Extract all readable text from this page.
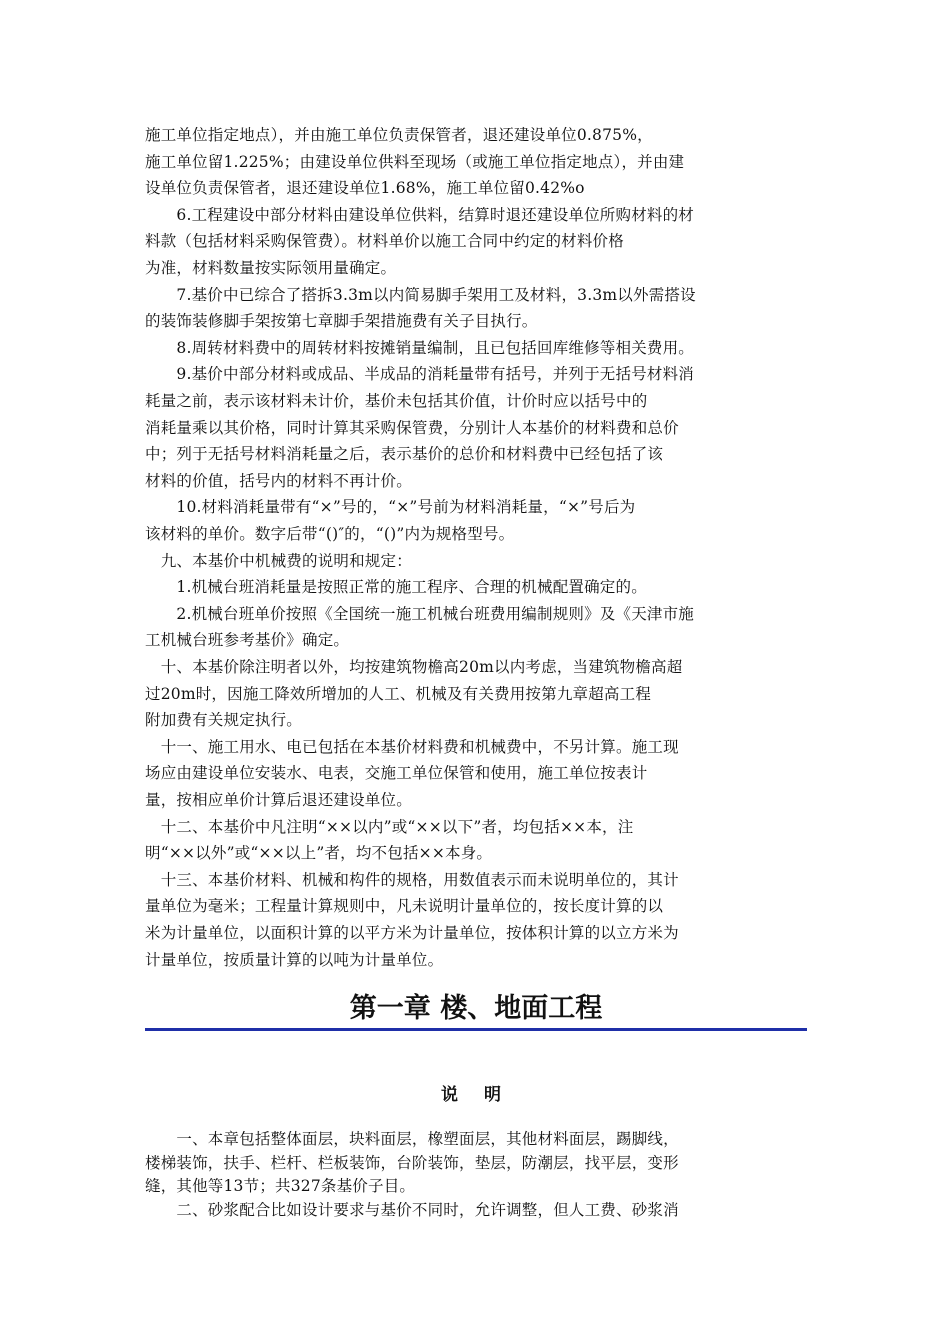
施工单位指定地点），并由施工单位负责保管者，退还建设单位0.875%，
施工单位留1.225%；由建设单位供料至现场（或施工单位指定地点），并由建
设单位负责保管者，退还建设单位1.68%，施工单位留0.42%o
　　6.工程建设中部分材料由建设单位供料，结算时退还建设单位所购材料的材
料款（包括材料采购保管费）。材料单价以施工合同中约定的材料价格
为准，材料数量按实际领用量确定。
　　7.基价中已综合了搭拆3.3m以内简易脚手架用工及材料，3.3m以外需搭设
的装饰装修脚手架按第七章脚手架措施费有关子目执行。
　　8.周转材料费中的周转材料按摊销量编制，且已包括回库维修等相关费用。
　　9.基价中部分材料或成品、半成品的消耗量带有括号，并列于无括号材料消
耗量之前，表示该材料未计价，基价未包括其价值，计价时应以括号中的
消耗量乘以其价格，同时计算其采购保管费，分别计人本基价的材料费和总价
中；列于无括号材料消耗量之后，表示基价的总价和材料费中已经包括了该
材料的价值，括号内的材料不再计价。
　　10.材料消耗量带有“×”号的，“×”号前为材料消耗量，“×”号后为
该材料的单价。数字后带“()″的，“()”内为规格型号。
　九、本基价中机械费的说明和规定：
　　1.机械台班消耗量是按照正常的施工程序、合理的机械配置确定的。
　　2.机械台班单价按照《全国统一施工机械台班费用编制规则》及《天津市施
工机械台班参考基价》确定。
　十、本基价除注明者以外，均按建筑物檐高20m以内考虑，当建筑物檐高超
过20m时，因施工降效所增加的人工、机械及有关费用按第九章超高工程
附加费有关规定执行。
　十一、施工用水、电已包括在本基价材料费和机械费中，不另计算。施工现
场应由建设单位安装水、电表，交施工单位保管和使用，施工单位按表计
量，按相应单价计算后退还建设单位。
　十二、本基价中凡注明“××以内”或“××以下”者，均包括××本，注
明“××以外”或“××以上”者，均不包括××本身。
　十三、本基价材料、机械和构件的规格，用数值表示而未说明单位的，其计
量单位为毫米；工程量计算规则中，凡未说明计量单位的，按长度计算的以
米为计量单位，以面积计算的以平方米为计量单位，按体积计算的以立方米为
计量单位，按质量计算的以吨为计量单位。
第一章 楼、地面工程
说 明
　　一、本章包括整体面层，块料面层，橡塑面层，其他材料面层，踢脚线，
楼梯装饰，扶手、栏杆、栏板装饰，台阶装饰，垫层，防潮层，找平层，变形
缝，其他等13节；共327条基价子目。
　　二、砂浆配合比如设计要求与基价不同时，允许调整，但人工费、砂浆消
